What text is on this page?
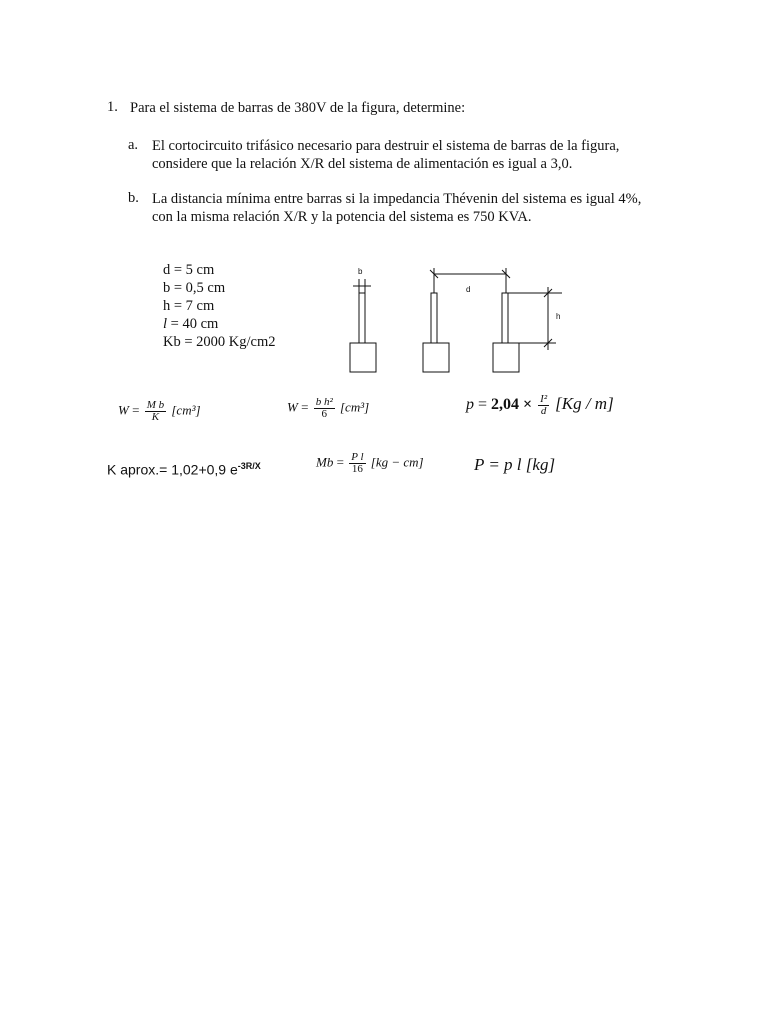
1. Para el sistema de barras de 380V de la figura, determine:
a. El cortocircuito trifásico necesario para destruir el sistema de barras de la figura,
considere que la relación X/R del sistema de alimentación es igual a 3,0.
b. La distancia mínima entre barras si la impedancia Thévenin del sistema es igual 4%,
con la misma relación X/R y la potencia del sistema es 750 KVA.
d = 5 cm
b = 0,5 cm
h = 7 cm
l = 40 cm
Kb = 2000 Kg/cm2
b
d
h
$W = \frac{\text{M b}}{K} [cm^3]$	$W = \frac{\text{b h²}}{6} [cm^3]$	$p = 2,04 \times \frac{\text{I²}}{d} [Kg / m]$
K aprox.= 1,02+0,9 $e^{-3R/X}$	$Mb = \frac{\text{P l}}{16} [kg - cm]$	P = p l [kg]
